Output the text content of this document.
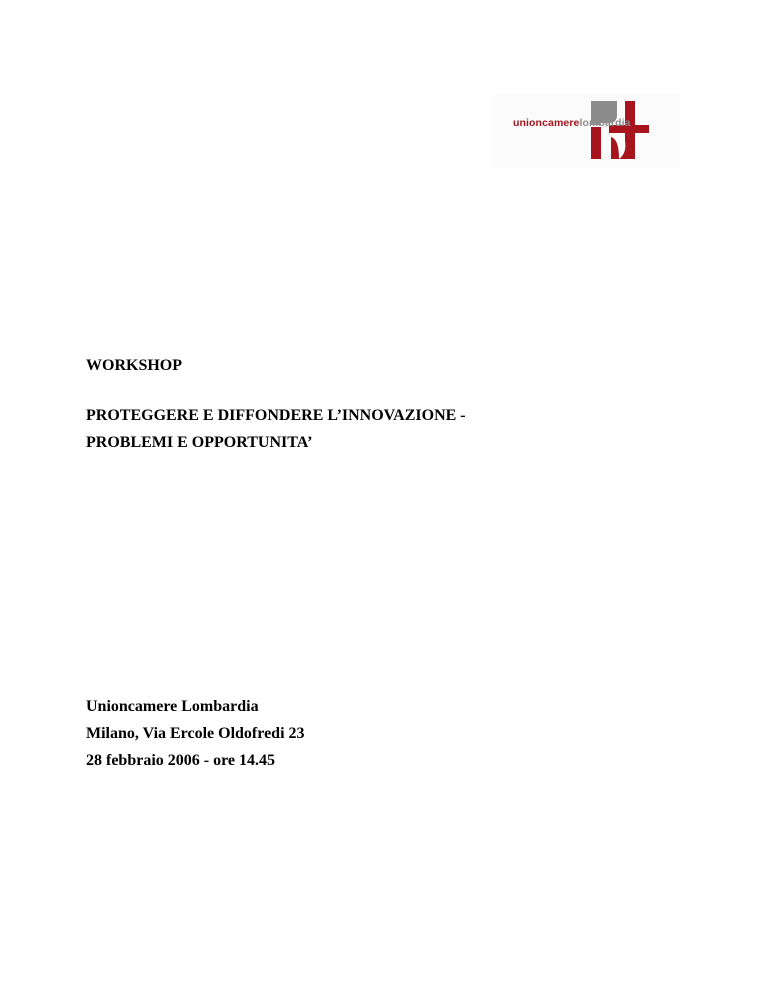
unioncamerelombardia
WORKSHOP
PROTEGGERE E DIFFONDERE L’INNOVAZIONE -
PROBLEMI E OPPORTUNITA’
Unioncamere Lombardia
Milano, Via Ercole Oldofredi 23
28 febbraio 2006 - ore 14.45
